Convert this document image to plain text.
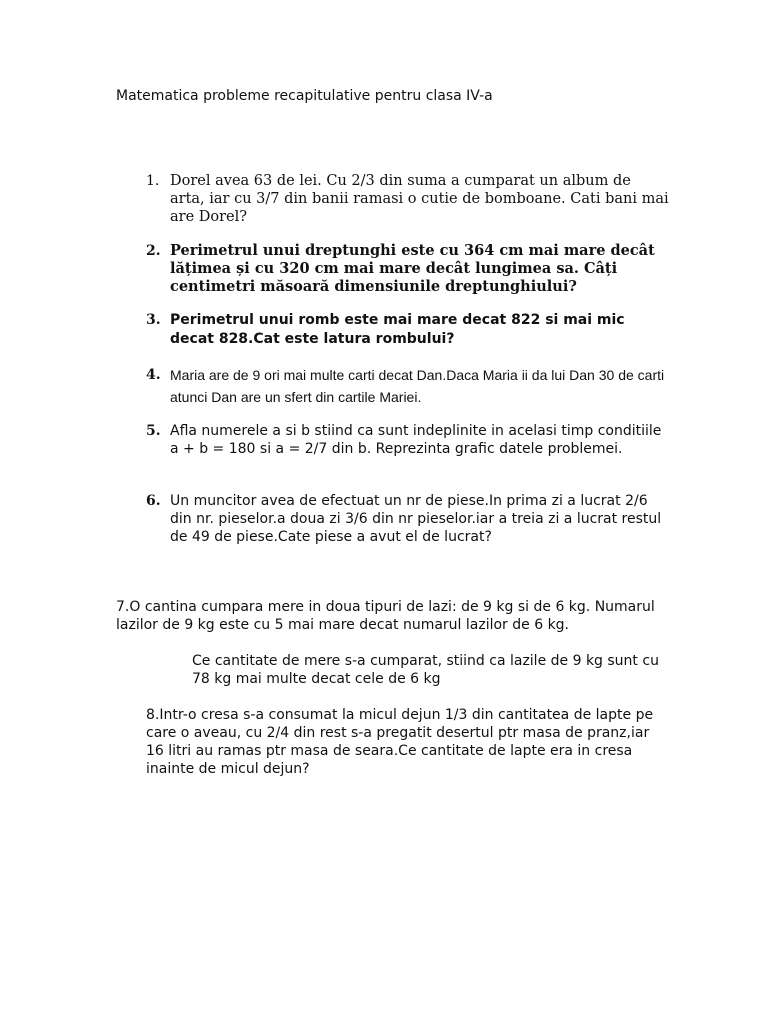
Matematica probleme recapitulative pentru clasa IV-a
1. Dorel avea 63 de lei. Cu 2/3 din suma a cumparat un album de arta, iar cu 3/7 din banii ramasi o cutie de bomboane. Cati bani mai are Dorel?
2. Perimetrul unui dreptunghi este cu 364 cm mai mare decât lățimea și cu 320 cm mai mare decât lungimea sa. Câți centimetri măsoară dimensiunile dreptunghiului?
3. Perimetrul unui romb este mai mare decat 822 si mai mic decat 828.Cat este latura rombului?
4. Maria are de 9 ori mai multe carti decat Dan.Daca Maria ii da lui Dan 30 de carti atunci Dan are un sfert din cartile Mariei.
5. Afla numerele a si b stiind ca sunt indeplinite in acelasi timp conditiile a + b = 180 si a = 2/7 din b. Reprezinta grafic datele problemei.
6. Un muncitor avea de efectuat un nr de piese.In prima zi a lucrat 2/6 din nr. pieselor.a doua zi 3/6 din nr pieselor.iar a treia zi a lucrat restul de 49 de piese.Cate piese a avut el de lucrat?
7.O cantina cumpara mere in doua tipuri de lazi: de 9 kg si de 6 kg. Numarul lazilor de 9 kg este cu 5 mai mare decat numarul lazilor de 6 kg.
Ce cantitate de mere s-a cumparat, stiind ca lazile de 9 kg sunt cu 78 kg mai multe decat cele de 6 kg
8.Intr-o cresa s-a consumat la micul dejun 1/3 din cantitatea de lapte pe care o aveau, cu 2/4 din rest s-a pregatit desertul ptr masa de pranz,iar 16 litri au ramas ptr masa de seara.Ce cantitate de lapte era in cresa inainte de micul dejun?
